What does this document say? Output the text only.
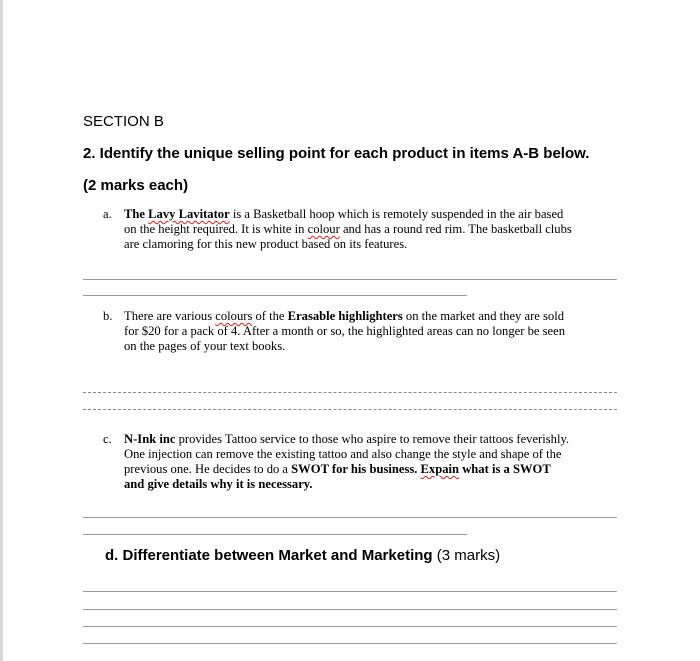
SECTION B
2. Identify the unique selling point for each product in items A-B below.
(2 marks each)
a. The Lavy Lavitator is a Basketball hoop which is remotely suspended in the air based
on the height required. It is white in colour and has a round red rim. The basketball clubs
are clamoring for this new product based on its features.
b. There are various colours of the Erasable highlighters on the market and they are sold
for $20 for a pack of 4. After a month or so, the highlighted areas can no longer be seen
on the pages of your text books.
c. N-Ink inc provides Tattoo service to those who aspire to remove their tattoos feverishly.
One injection can remove the existing tattoo and also change the style and shape of the
previous one. He decides to do a SWOT for his business. Expain what is a SWOT
and give details why it is necessary.
d. Differentiate between Market and Marketing (3 marks)
